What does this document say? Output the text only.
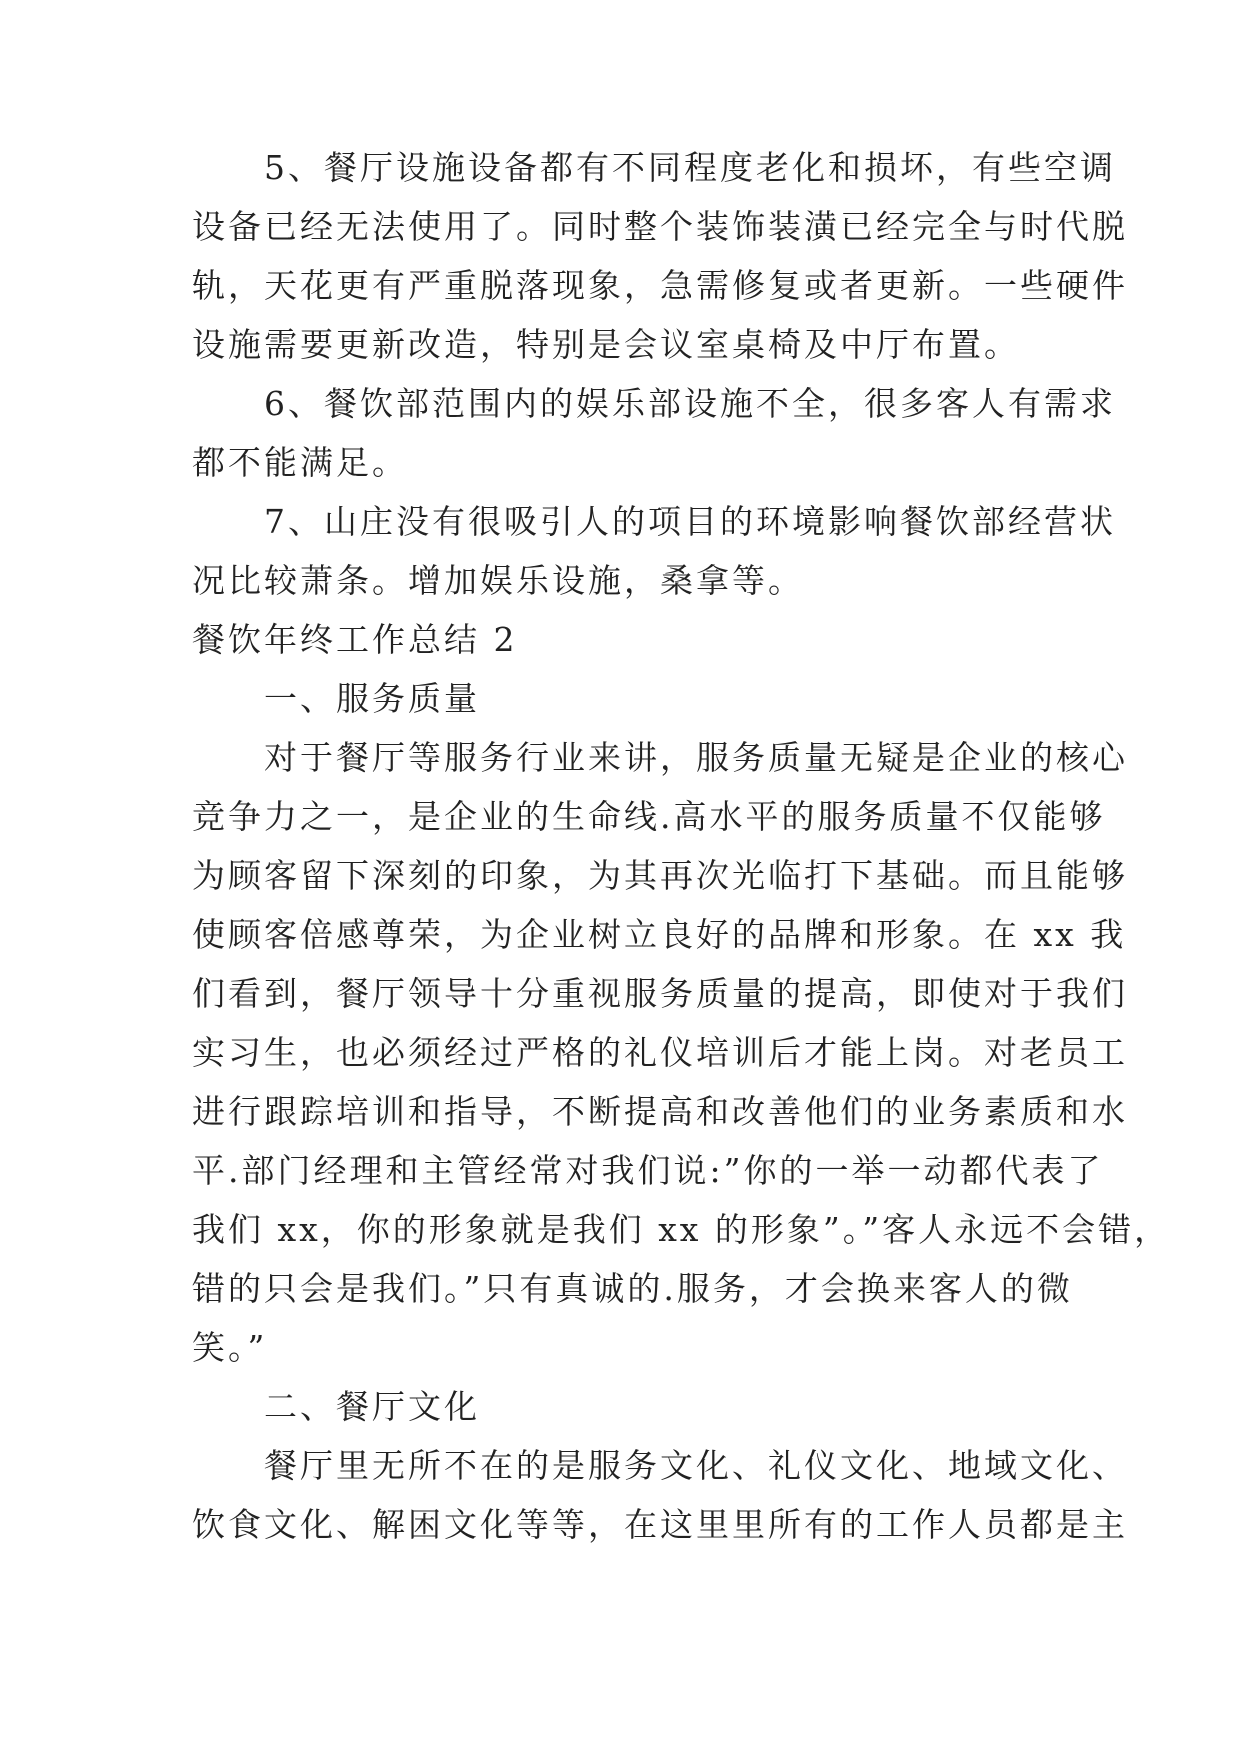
　　5、餐厅设施设备都有不同程度老化和损坏，有些空调
设备已经无法使用了。同时整个装饰装潢已经完全与时代脱
轨，天花更有严重脱落现象，急需修复或者更新。一些硬件
设施需要更新改造，特别是会议室桌椅及中厅布置。
　　6、餐饮部范围内的娱乐部设施不全，很多客人有需求
都不能满足。
　　7、山庄没有很吸引人的项目的环境影响餐饮部经营状
况比较萧条。增加娱乐设施，桑拿等。
餐饮年终工作总结 2
　　一、服务质量
　　对于餐厅等服务行业来讲，服务质量无疑是企业的核心
竞争力之一，是企业的生命线.高水平的服务质量不仅能够
为顾客留下深刻的印象，为其再次光临打下基础。而且能够
使顾客倍感尊荣，为企业树立良好的品牌和形象。在 xx 我
们看到，餐厅领导十分重视服务质量的提高，即使对于我们
实习生，也必须经过严格的礼仪培训后才能上岗。对老员工
进行跟踪培训和指导，不断提高和改善他们的业务素质和水
平.部门经理和主管经常对我们说:”你的一举一动都代表了
我们 xx，你的形象就是我们 xx 的形象”。”客人永远不会错，
错的只会是我们。”只有真诚的.服务，才会换来客人的微
笑。”
　　二、餐厅文化
　　餐厅里无所不在的是服务文化、礼仪文化、地域文化、
饮食文化、解困文化等等，在这里里所有的工作人员都是主
